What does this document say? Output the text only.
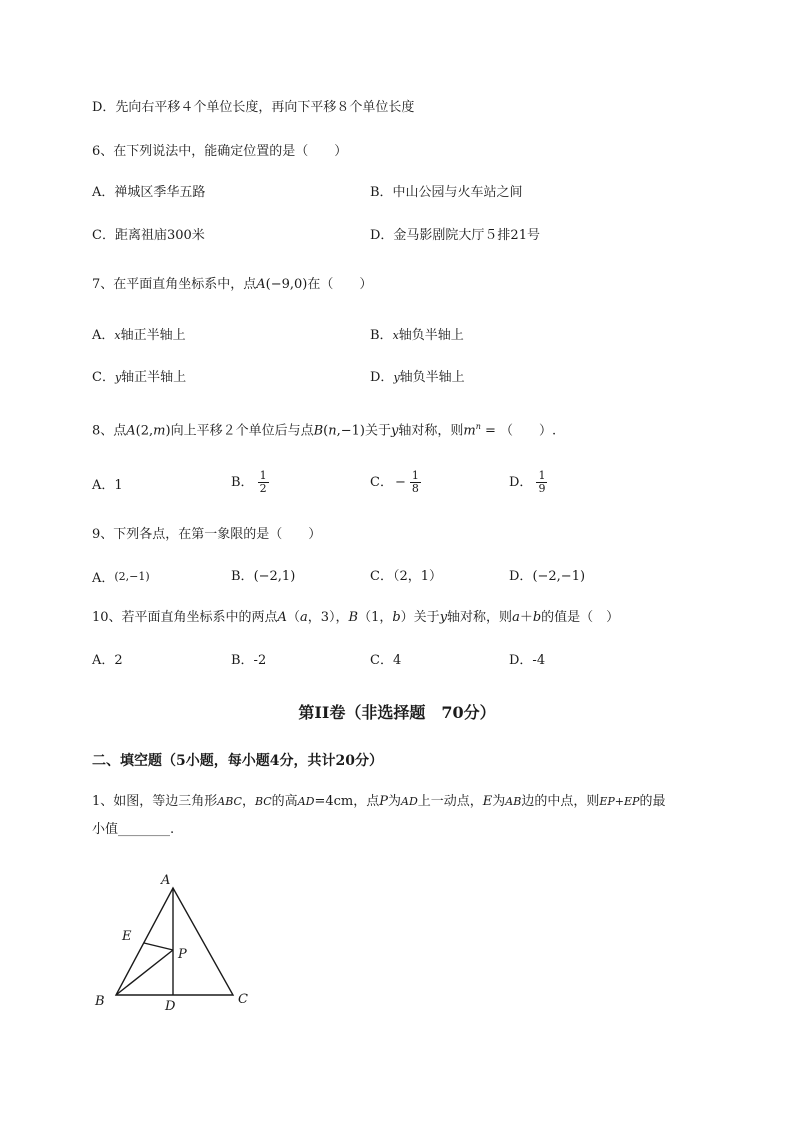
D．先向右平移４个单位长度，再向下平移８个单位长度
6、在下列说法中，能确定位置的是（　　）
A．禅城区季华五路	B．中山公园与火车站之间
C．距离祖庙300米	D．金马影剧院大厅５排21号
7、在平面直角坐标系中，点A(−9,0)在（　　）
A．x轴正半轴上	B．x轴负半轴上
C．y轴正半轴上	D．y轴负半轴上
8、点A(2,m)向上平移２个单位后与点B(n,−1)关于y轴对称，则$m^n$ = （　　）.
A．1	B． $\frac{1}{2}$	C． − $\frac{1}{8}$	D． $\frac{1}{9}$
9、下列各点，在第一象限的是（　　）
A．(2,−1)	B．(−2,1)	C．（2，1）	D．(−2,−1)
10、若平面直角坐标系中的两点A（a，3），B（1，b）关于y轴对称，则a＋b的值是（　）
A．2	B．-2	C．4	D．-4
第II卷（非选择题　70分）
二、填空题（5小题，每小题4分，共计20分）
1、如图，等边三角形ABC，BC的高AD=4cm，点P为AD上一动点，E为AB边的中点，则EP+EP的最
小值________.
A
B	C
D
E
P
